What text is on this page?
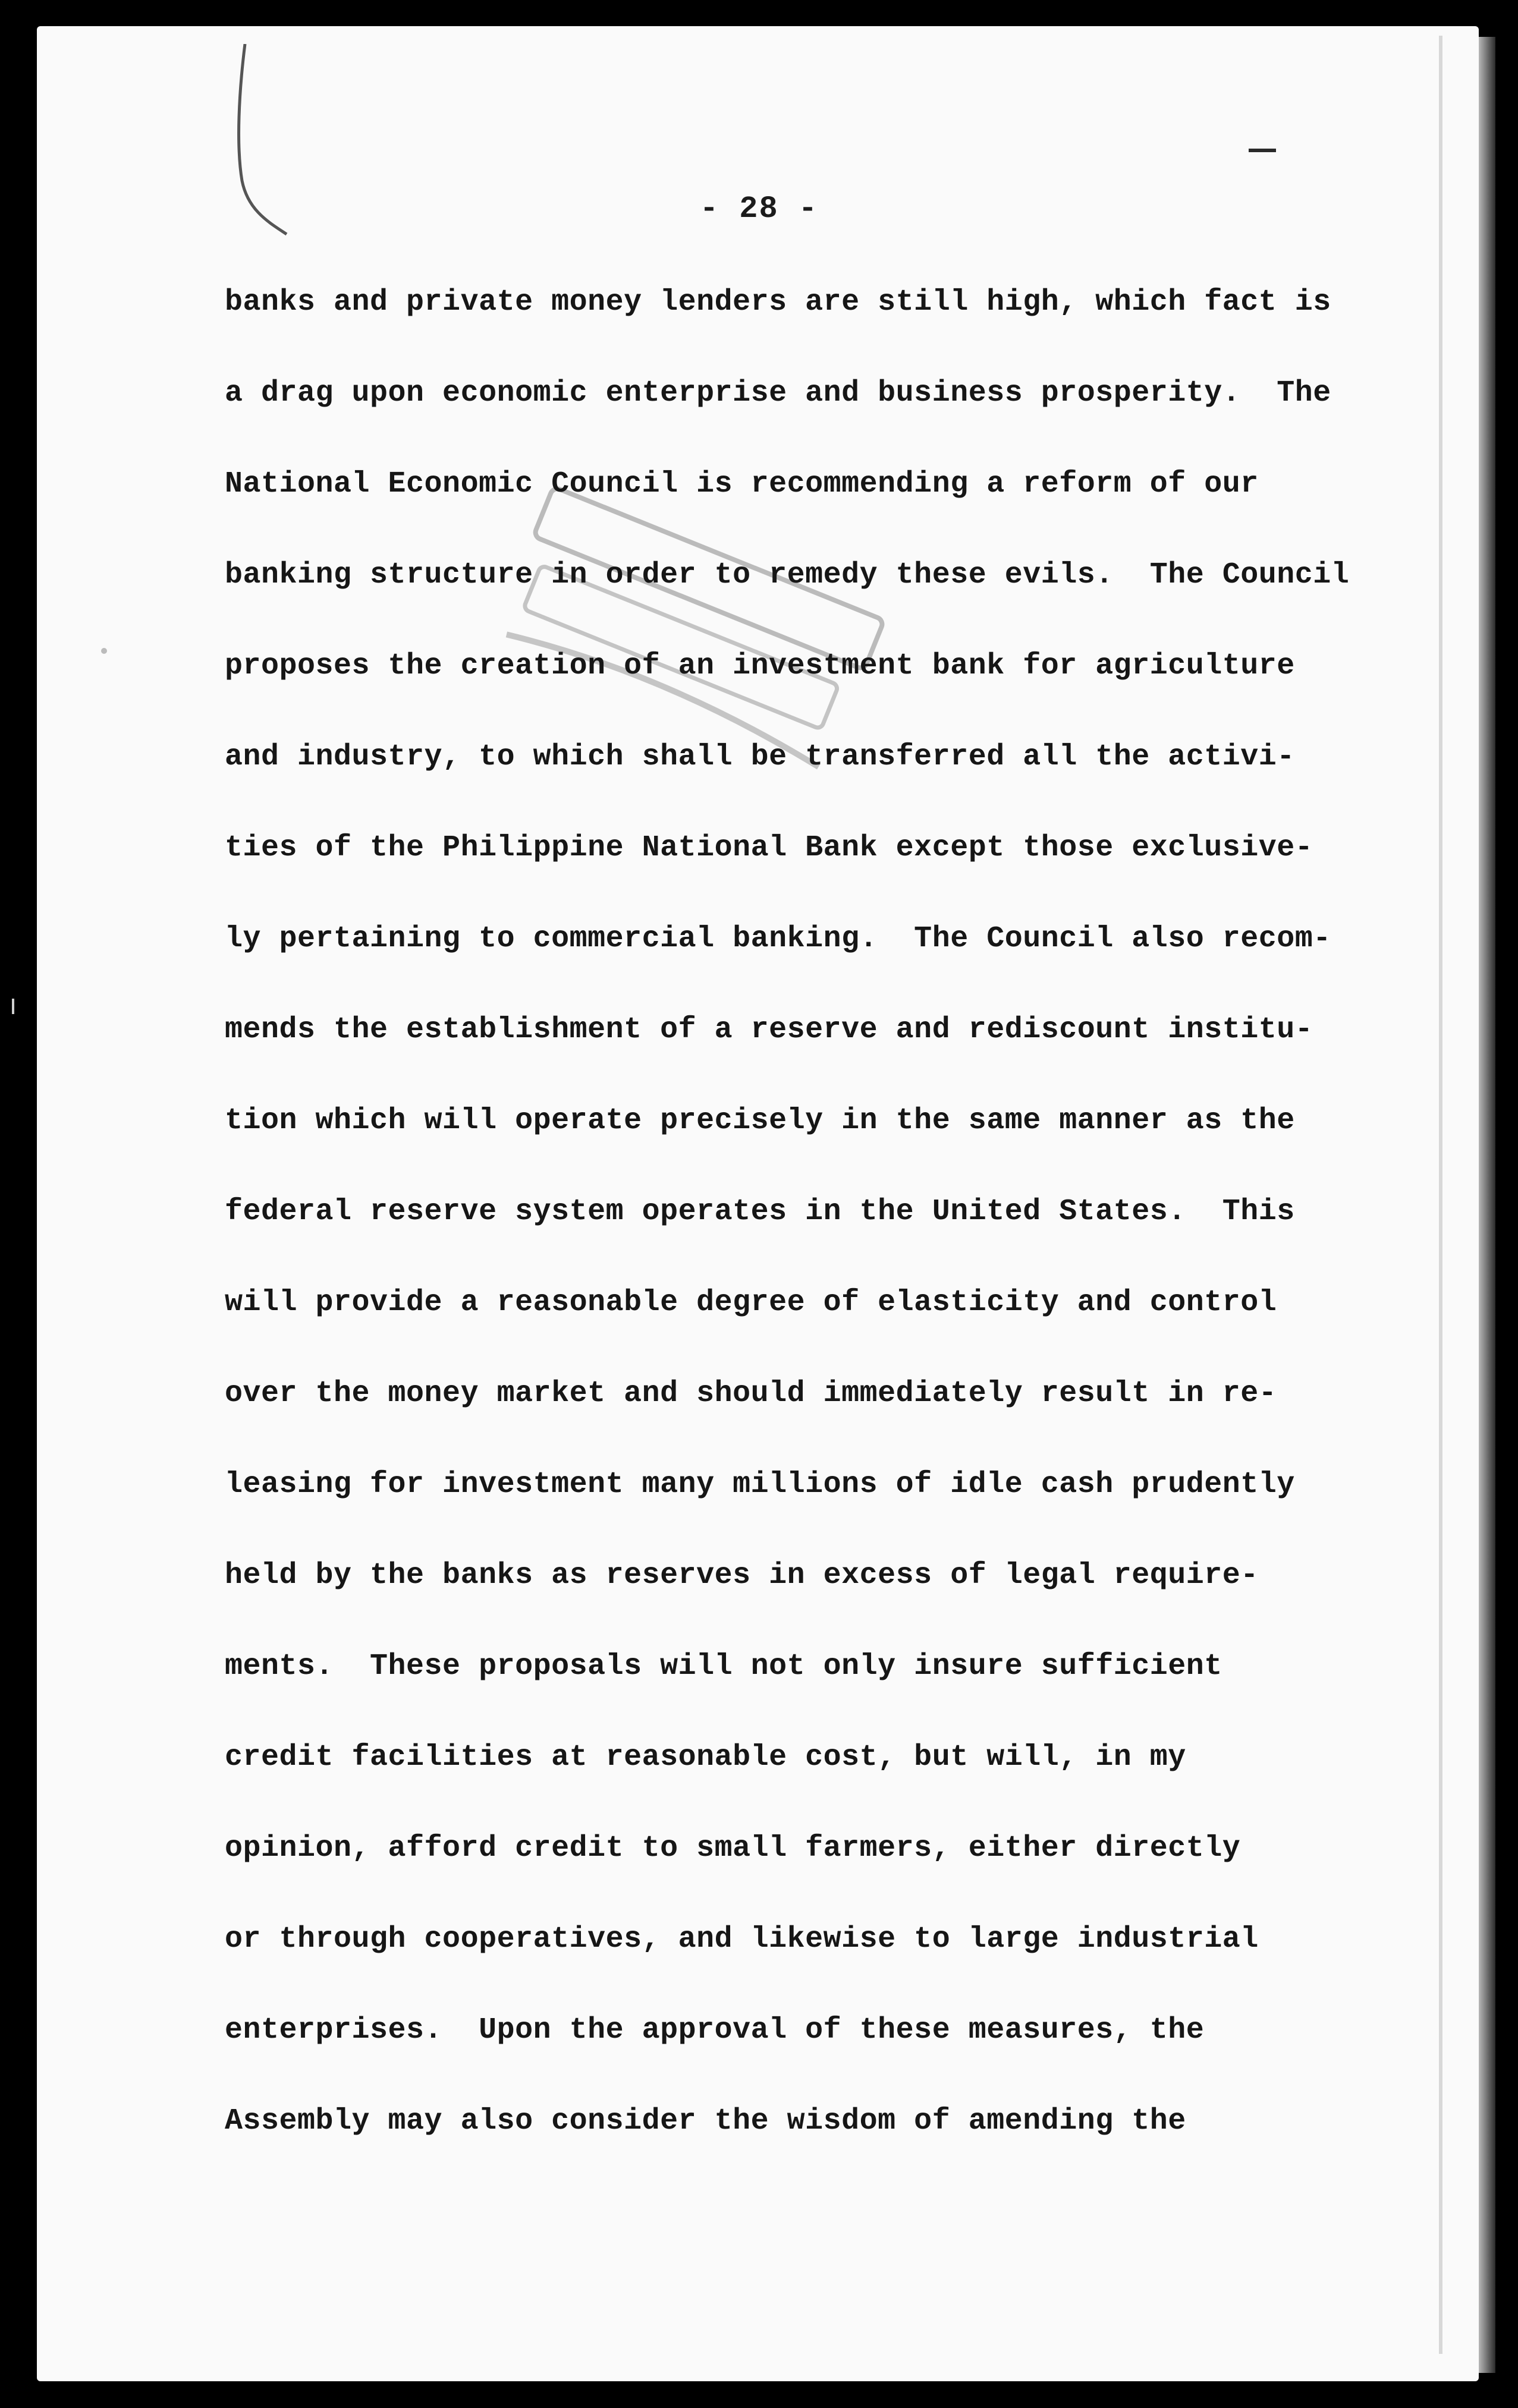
- 28 -
banks and private money lenders are still high, which fact is
a drag upon economic enterprise and business prosperity.  The
National Economic Council is recommending a reform of our
banking structure in order to remedy these evils.  The Council
proposes the creation of an investment bank for agriculture
and industry, to which shall be transferred all the activi-
ties of the Philippine National Bank except those exclusive-
ly pertaining to commercial banking.  The Council also recom-
mends the establishment of a reserve and rediscount institu-
tion which will operate precisely in the same manner as the
federal reserve system operates in the United States.  This
will provide a reasonable degree of elasticity and control
over the money market and should immediately result in re-
leasing for investment many millions of idle cash prudently
held by the banks as reserves in excess of legal require-
ments.  These proposals will not only insure sufficient
credit facilities at reasonable cost, but will, in my
opinion, afford credit to small farmers, either directly
or through cooperatives, and likewise to large industrial
enterprises.  Upon the approval of these measures, the
Assembly may also consider the wisdom of amending the
